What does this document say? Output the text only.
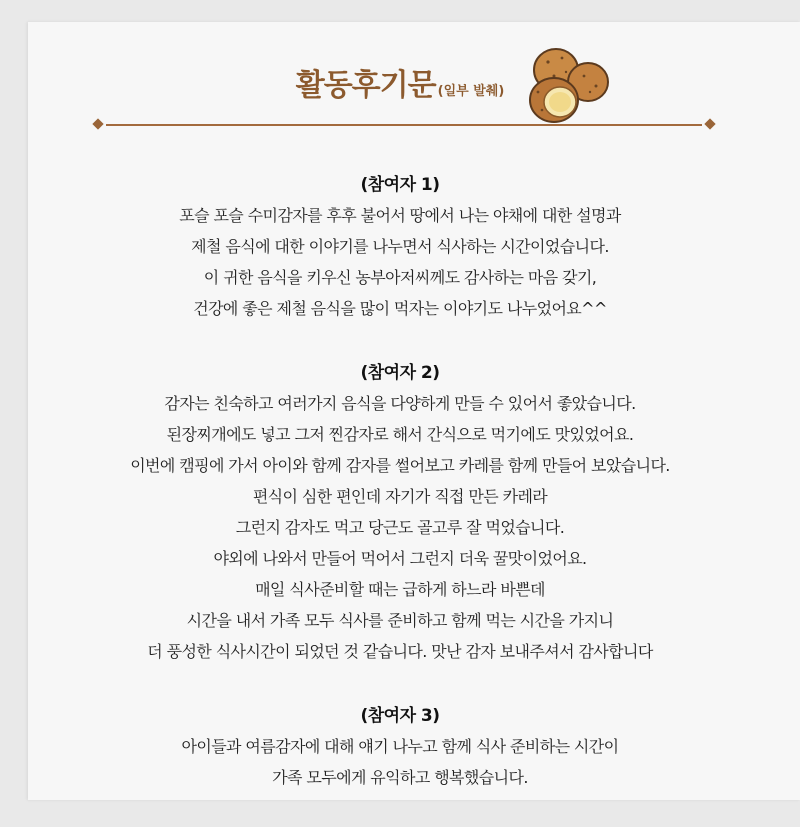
활동후기문 (일부 발췌)
(참여자 1)
포슬 포슬 수미감자를 후후 불어서 땅에서 나는 야채에 대한 설명과
제철 음식에 대한 이야기를 나누면서 식사하는 시간이었습니다.
이 귀한 음식을 키우신 농부아저씨께도 감사하는 마음 갖기,
건강에 좋은 제철 음식을 많이 먹자는 이야기도 나누었어요^^
(참여자 2)
감자는 친숙하고 여러가지 음식을 다양하게 만들 수 있어서 좋았습니다.
된장찌개에도 넣고 그저 찐감자로 해서 간식으로 먹기에도 맛있었어요.
이번에 캠핑에 가서 아이와 함께 감자를 썰어보고 카레를 함께 만들어 보았습니다.
편식이 심한 편인데 자기가 직접 만든 카레라
그런지 감자도 먹고 당근도 골고루 잘 먹었습니다.
야외에 나와서 만들어 먹어서 그런지 더욱 꿀맛이었어요.
매일 식사준비할 때는 급하게 하느라 바쁜데
시간을 내서 가족 모두 식사를 준비하고 함께 먹는 시간을 가지니
더 풍성한 식사시간이 되었던 것 같습니다. 맛난 감자 보내주셔서 감사합니다
(참여자 3)
아이들과 여름감자에 대해 얘기 나누고 함께 식사 준비하는 시간이
가족 모두에게 유익하고 행복했습니다.
